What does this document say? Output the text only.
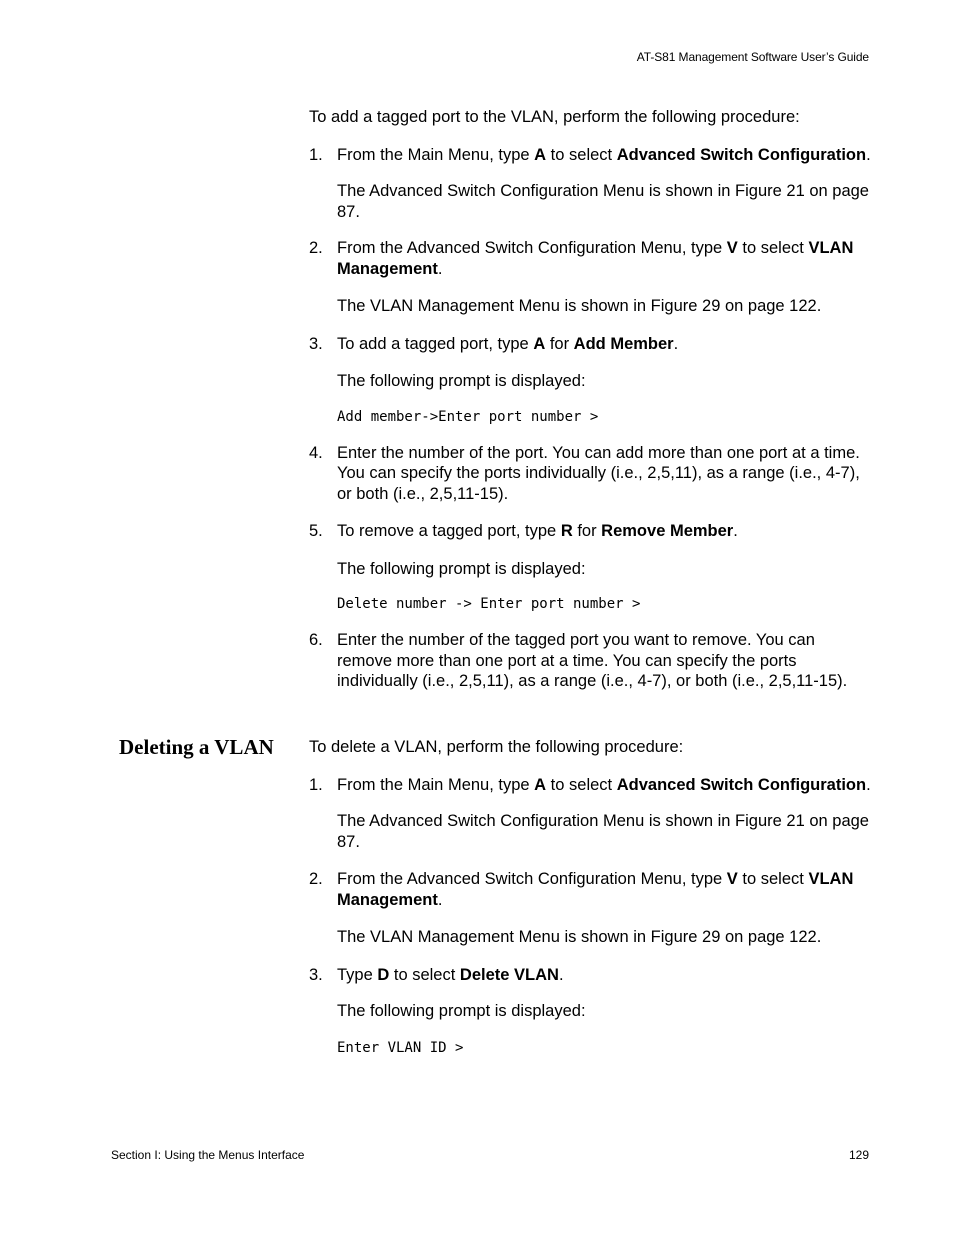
AT-S81 Management Software User’s Guide

To add a tagged port to the VLAN, perform the following procedure:

1. From the Main Menu, type A to select Advanced Switch Configuration.

The Advanced Switch Configuration Menu is shown in Figure 21 on page 87.

2. From the Advanced Switch Configuration Menu, type V to select VLAN Management.

The VLAN Management Menu is shown in Figure 29 on page 122.

3. To add a tagged port, type A for Add Member.

The following prompt is displayed:

Add member->Enter port number >

4. Enter the number of the port. You can add more than one port at a time. You can specify the ports individually (i.e., 2,5,11), as a range (i.e., 4-7), or both (i.e., 2,5,11-15).

5. To remove a tagged port, type R for Remove Member.

The following prompt is displayed:

Delete number -> Enter port number >

6. Enter the number of the tagged port you want to remove. You can remove more than one port at a time. You can specify the ports individually (i.e., 2,5,11), as a range (i.e., 4-7), or both (i.e., 2,5,11-15).

Deleting a VLAN To delete a VLAN, perform the following procedure:

1. From the Main Menu, type A to select Advanced Switch Configuration.

The Advanced Switch Configuration Menu is shown in Figure 21 on page 87.

2. From the Advanced Switch Configuration Menu, type V to select VLAN Management.

The VLAN Management Menu is shown in Figure 29 on page 122.

3. Type D to select Delete VLAN.

The following prompt is displayed:

Enter VLAN ID >

Section I: Using the Menus Interface	129
